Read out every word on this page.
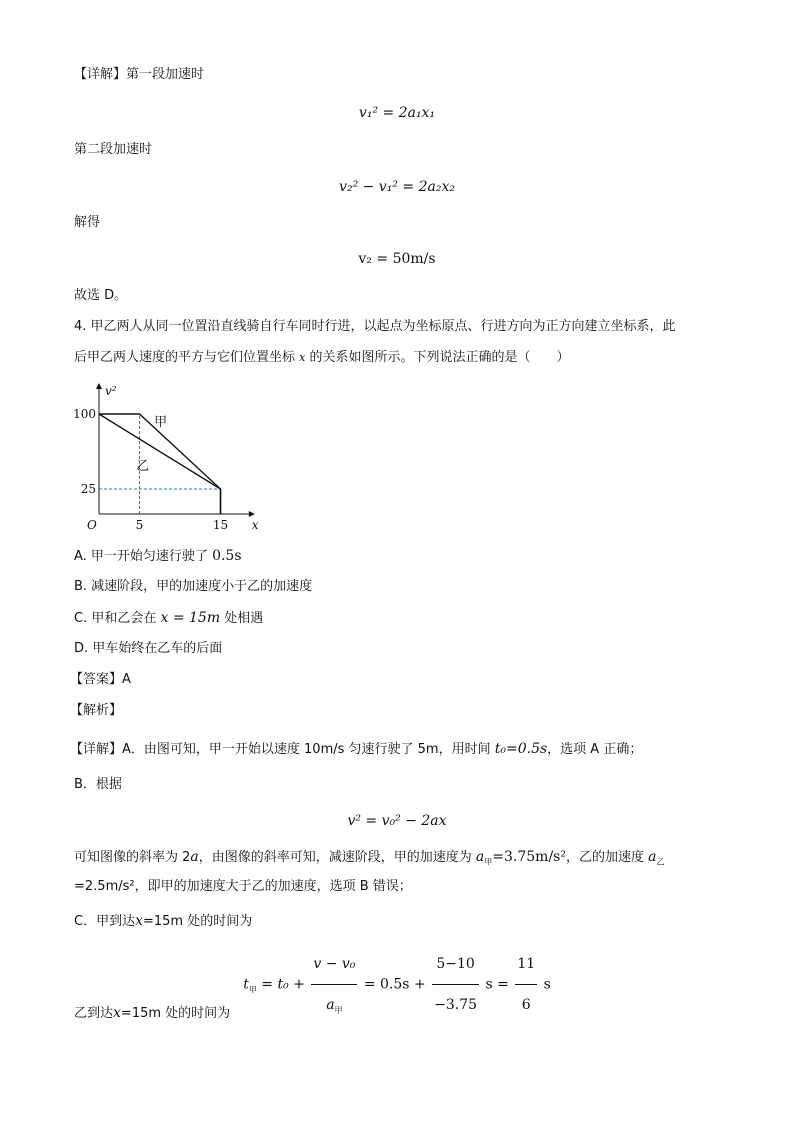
【详解】第一段加速时
v₁² = 2a₁x₁
第二段加速时
v₂² − v₁² = 2a₂x₂
解得
v₂ = 50m/s
故选 D。
4. 甲乙两人从同一位置沿直线骑自行车同时行进，以起点为坐标原点、行进方向为正方向建立坐标系，此
后甲乙两人速度的平方与它们位置坐标 x 的关系如图所示。下列说法正确的是（　　）
甲
乙
5	15
100
25
O	x
v²
A. 甲一开始匀速行驶了 0.5s
B. 减速阶段，甲的加速度小于乙的加速度
C. 甲和乙会在 x = 15m 处相遇
D. 甲车始终在乙车的后面
【答案】A
【解析】
【详解】A．由图可知，甲一开始以速度 10m/s 匀速行驶了 5m，用时间 t₀=0.5s，选项 A 正确；
B．根据
v² = v₀² − 2ax
可知图像的斜率为 2a，由图像的斜率可知，减速阶段，甲的加速度为 $a_甲=3.75m/s^2$，乙的加速度 $a_乙$
=2.5m/s²，即甲的加速度大于乙的加速度，选项 B 错误；
C．甲到达x=15m 处的时间为
$t_甲 = t_0 + \frac{\text{v − v₀}}{a_甲} = 0.5s + \frac{5-10}{-3.75}$ $s = \frac{11}{6}$ s
乙到达x=15m 处的时间为
